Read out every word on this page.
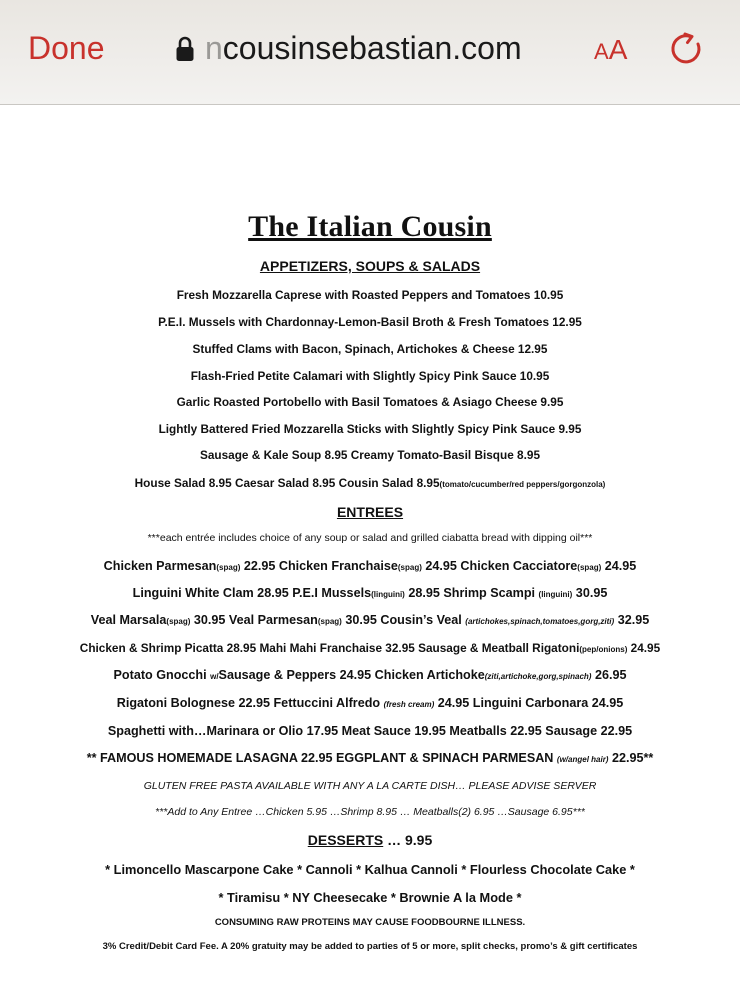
Done	n cousinsebastian.com	AA
The Italian Cousin
APPETIZERS, SOUPS & SALADS
Fresh Mozzarella Caprese with Roasted Peppers and Tomatoes 10.95
P.E.I. Mussels with Chardonnay-Lemon-Basil Broth & Fresh Tomatoes 12.95
Stuffed Clams with Bacon, Spinach, Artichokes & Cheese 12.95
Flash-Fried Petite Calamari with Slightly Spicy Pink Sauce 10.95
Garlic Roasted Portobello with Basil Tomatoes & Asiago Cheese 9.95
Lightly Battered Fried Mozzarella Sticks with Slightly Spicy Pink Sauce 9.95
Sausage & Kale Soup 8.95 Creamy Tomato-Basil Bisque 8.95
House Salad 8.95 Caesar Salad 8.95 Cousin Salad 8.95(tomato/cucumber/red peppers/gorgonzola)
ENTREES
***each entrée includes choice of any soup or salad and grilled ciabatta bread with dipping oil***
Chicken Parmesan(spag) 22.95 Chicken Franchaise(spag) 24.95 Chicken Cacciatore(spag) 24.95
Linguini White Clam 28.95 P.E.I Mussels(linguini) 28.95 Shrimp Scampi (linguini) 30.95
Veal Marsala(spag) 30.95 Veal Parmesan(spag) 30.95 Cousin’s Veal (artichokes,spinach,tomatoes,gorg,ziti) 32.95
Chicken & Shrimp Picatta 28.95 Mahi Mahi Franchaise 32.95 Sausage & Meatball Rigatoni(pep/onions) 24.95
Potato Gnocchi w/Sausage & Peppers 24.95 Chicken Artichoke(ziti,artichoke,gorg,spinach) 26.95
Rigatoni Bolognese 22.95 Fettuccini Alfredo (fresh cream) 24.95 Linguini Carbonara 24.95
Spaghetti with…Marinara or Olio 17.95 Meat Sauce 19.95 Meatballs 22.95 Sausage 22.95
** FAMOUS HOMEMADE LASAGNA 22.95 EGGPLANT & SPINACH PARMESAN (w/angel hair) 22.95**
GLUTEN FREE PASTA AVAILABLE WITH ANY A LA CARTE DISH… PLEASE ADVISE SERVER
***Add to Any Entree …Chicken 5.95 …Shrimp 8.95 … Meatballs(2) 6.95 …Sausage 6.95***
DESSERTS … 9.95
* Limoncello Mascarpone Cake * Cannoli * Kalhua Cannoli * Flourless Chocolate Cake *
* Tiramisu * NY Cheesecake * Brownie A la Mode *
CONSUMING RAW PROTEINS MAY CAUSE FOODBOURNE ILLNESS.
3% Credit/Debit Card Fee. A 20% gratuity may be added to parties of 5 or more, split checks, promo’s & gift certificates
